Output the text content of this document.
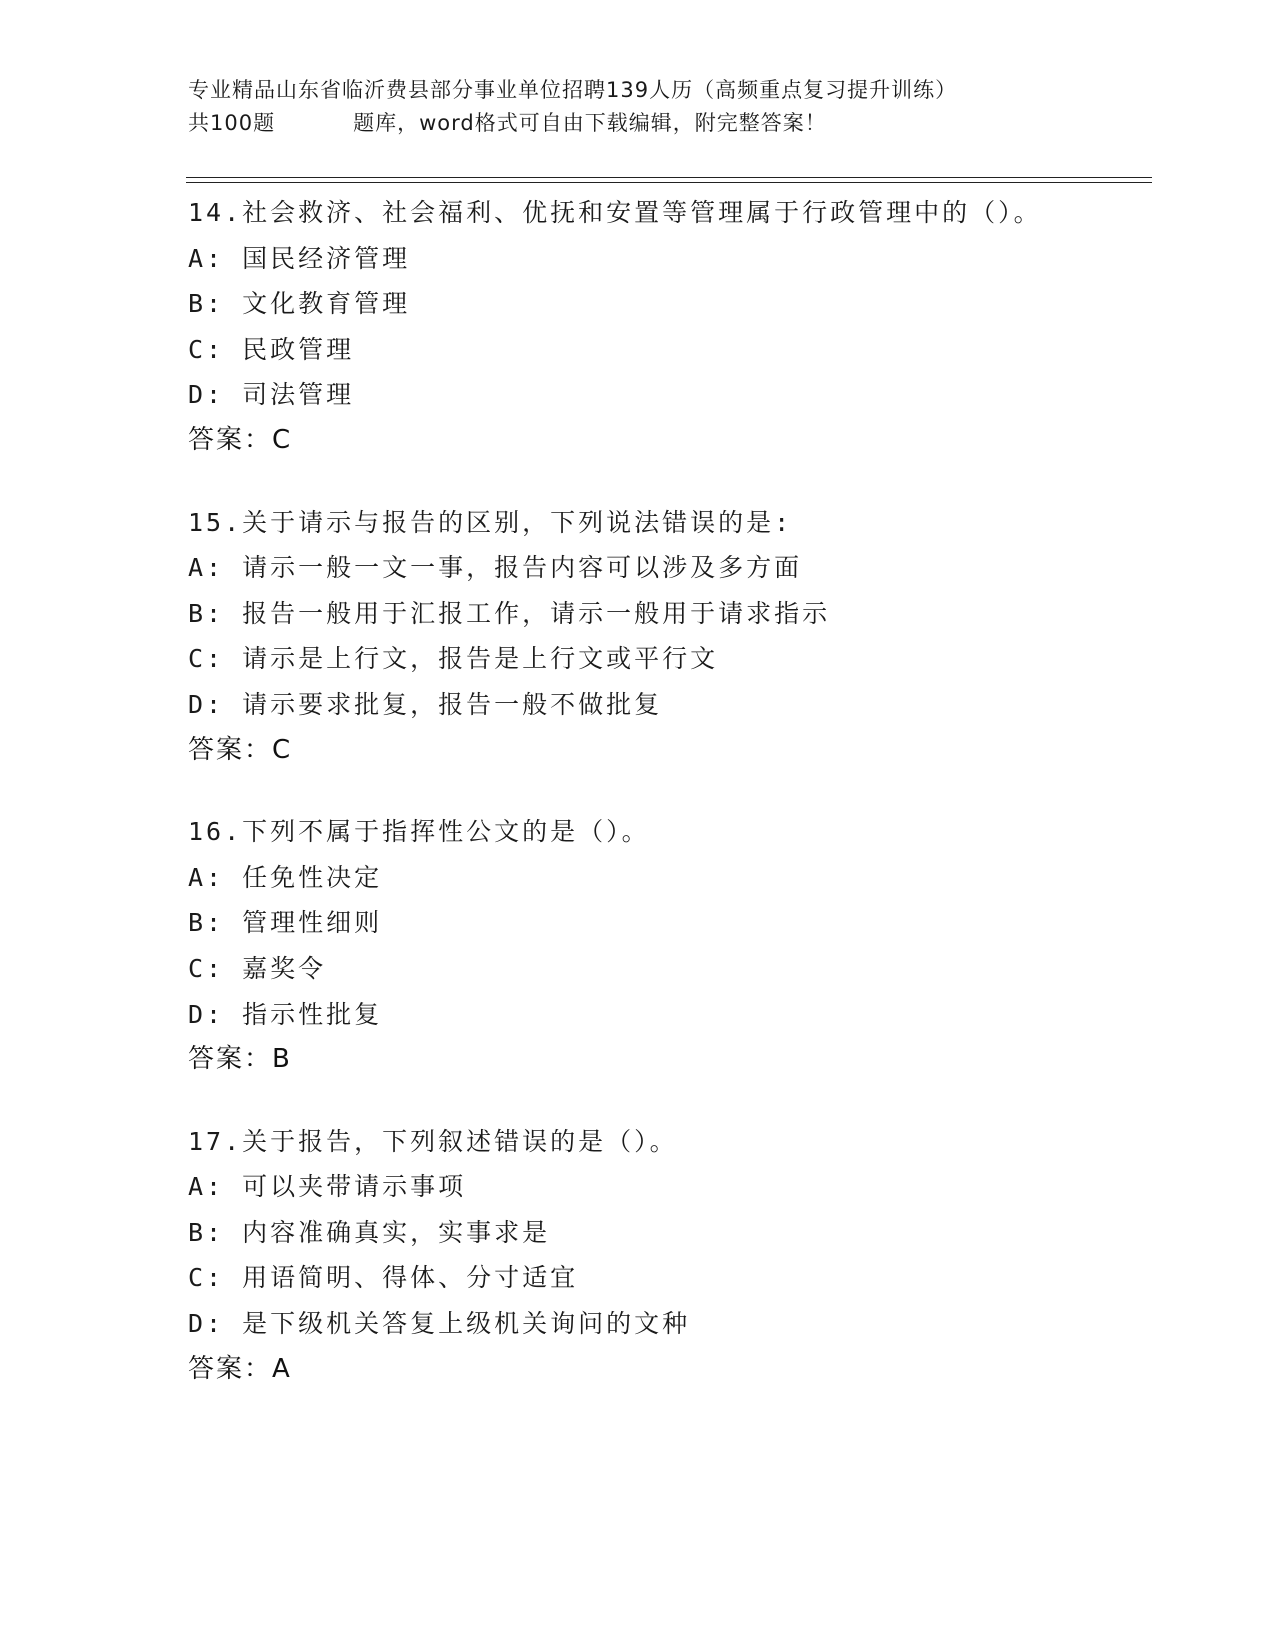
专业精品山东省临沂费县部分事业单位招聘139人历（高频重点复习提升训练）
共100题	题库，word格式可自由下载编辑，附完整答案！
14.社会救济、社会福利、优抚和安置等管理属于行政管理中的（）。
A: 国民经济管理
B: 文化教育管理
C: 民政管理
D: 司法管理
答案：C
15.关于请示与报告的区别，下列说法错误的是:
A: 请示一般一文一事，报告内容可以涉及多方面
B: 报告一般用于汇报工作，请示一般用于请求指示
C: 请示是上行文，报告是上行文或平行文
D: 请示要求批复，报告一般不做批复
答案：C
16.下列不属于指挥性公文的是（）。
A: 任免性决定
B: 管理性细则
C: 嘉奖令
D: 指示性批复
答案：B
17.关于报告，下列叙述错误的是（）。
A: 可以夹带请示事项
B: 内容准确真实，实事求是
C: 用语简明、得体、分寸适宜
D: 是下级机关答复上级机关询问的文种
答案：A
